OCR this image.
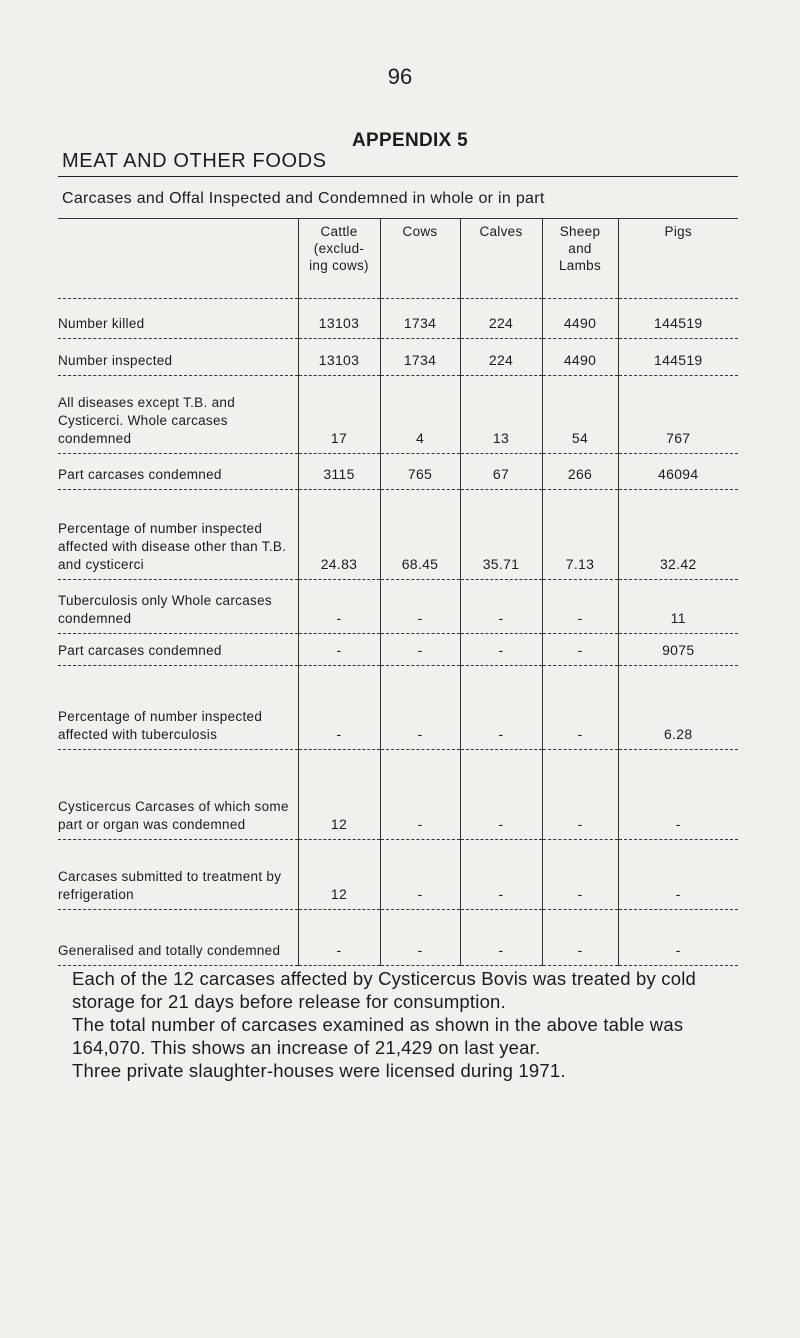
96
APPENDIX 5
MEAT AND OTHER FOODS
Carcases and Offal Inspected and Condemned in whole or in part
	Cattle (exclud- ing cows)	Cows	Calves	Sheep and Lambs	Pigs
Number killed	13103	1734	224	4490	144519
Number inspected	13103	1734	224	4490	144519
All diseases except T.B. and Cysticerci. Whole carcases condemned	17	4	13	54	767
Part carcases condemned	3115	765	67	266	46094
Percentage of number inspected affected with disease other than T.B. and cysticerci	24.83	68.45	35.71	7.13	32.42
Tuberculosis only Whole carcases condemned	-	-	-	-	11
Part carcases condemned	-	-	-	-	9075
Percentage of number inspected affected with tuberculosis	-	-	-	-	6.28
Cysticercus Carcases of which some part or organ was condemned	12	-	-	-	-
Carcases submitted to treatment by refrigeration	12	-	-	-	-
Generalised and totally condemned	-	-	-	-	-

Each of the 12 carcases affected by Cysticercus Bovis was treated by cold storage for 21 days before release for consumption.

The total number of carcases examined as shown in the above table was 164,070. This shows an increase of 21,429 on last year.

Three private slaughter-houses were licensed during 1971.
